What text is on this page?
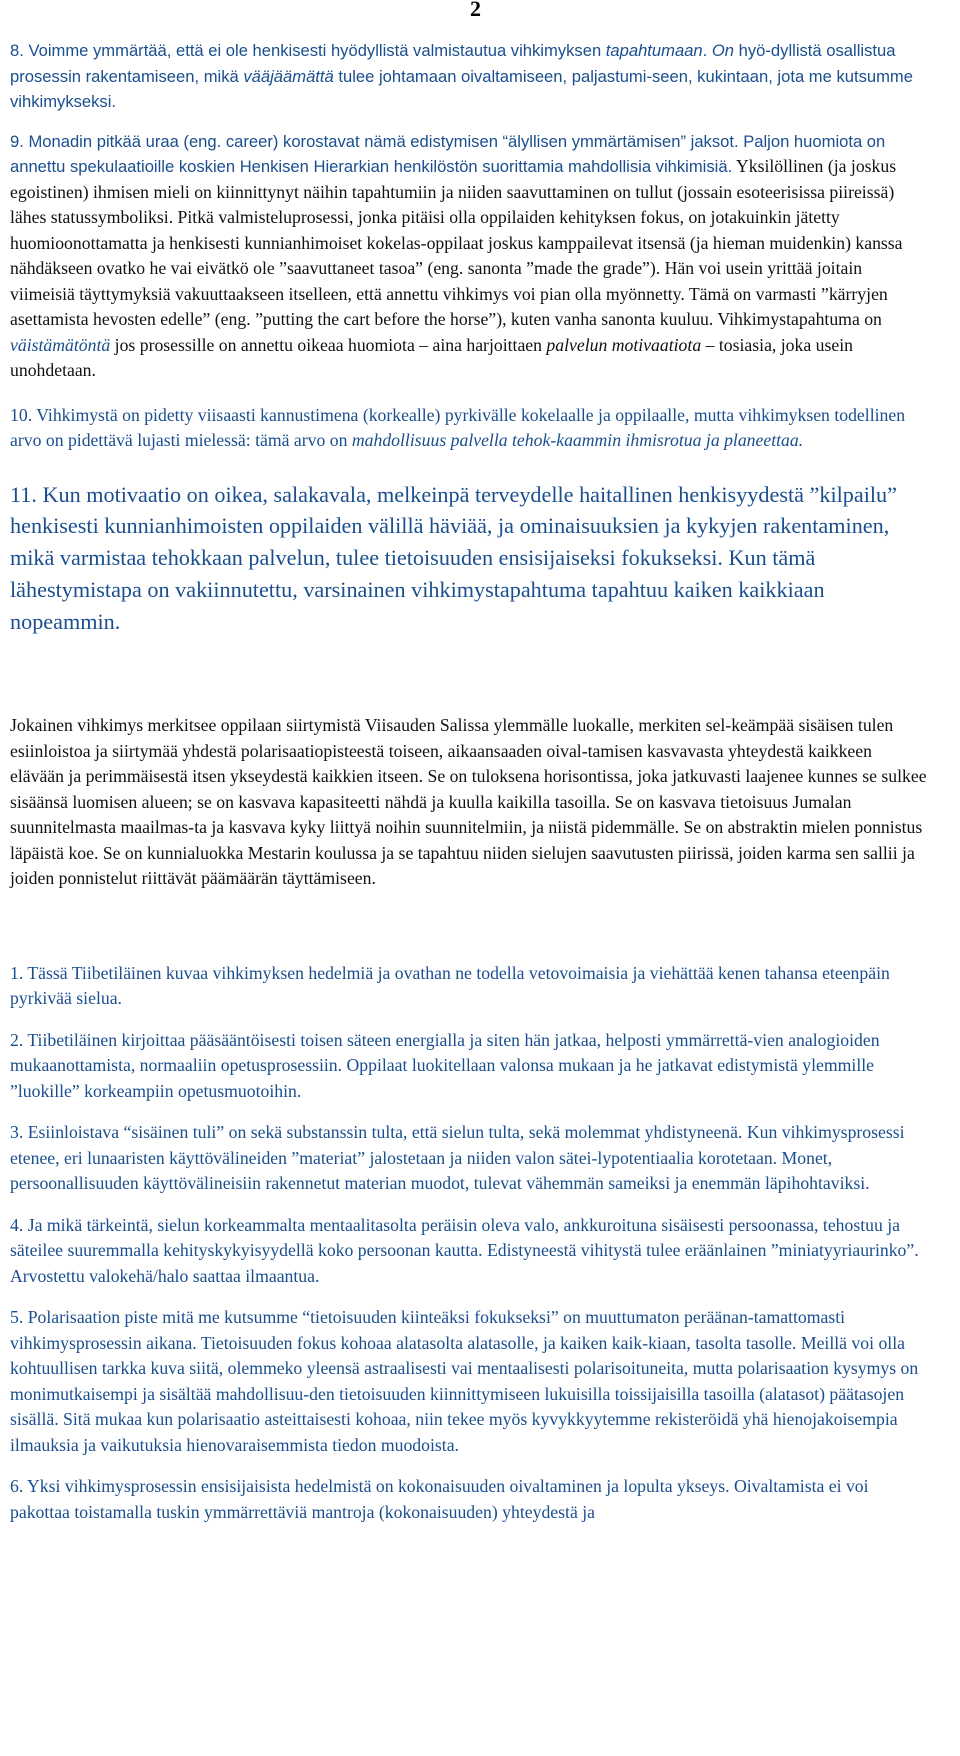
2

8. Voimme ymmärtää, että ei ole henkisesti hyödyllistä valmistautua vihkimyksen tapahtumaan. On hyö-dyllistä osallistua prosessin rakentamiseen, mikä vääjäämättä tulee johtamaan oivaltamiseen, paljastumi-seen, kukintaan, jota me kutsumme vihkimykseksi.

9. Monadin pitkää uraa (eng. career) korostavat nämä edistymisen “älyllisen ymmärtämisen” jaksot. Paljon huomiota on annettu spekulaatioille koskien Henkisen Hierarkian henkilöstön suorittamia mahdollisia vihkimisiä. Yksilöllinen (ja joskus egoistinen) ihmisen mieli on kiinnittynyt näihin tapahtumiin ja niiden saavuttaminen on tullut (jossain esoteerisissa piireissä) lähes statussymboliksi. Pitkä valmisteluprosessi, jonka pitäisi olla oppilaiden kehityksen fokus, on jotakuinkin jätetty huomioonottamatta ja henkisesti kunnianhimoiset kokelas-oppilaat joskus kamppailevat itsensä (ja hieman muidenkin) kanssa nähdäkseen ovatko he vai eivätkö ole ”saavuttaneet tasoa” (eng. sanonta ”made the grade”). Hän voi usein yrittää joitain viimeisiä täyttymyksiä vakuuttaakseen itselleen, että annettu vihkimys voi pian olla myönnetty. Tämä on varmasti ”kärryjen asettamista hevosten edelle” (eng. ”putting the cart before the horse”), kuten vanha sanonta kuuluu. Vihkimystapahtuma on väistämätöntä jos prosessille on annettu oikeaa huomiota – aina harjoittaen palvelun motivaatiota – tosiasia, joka usein unohdetaan.

10. Vihkimystä on pidetty viisaasti kannustimena (korkealle) pyrkivälle kokelaalle ja oppilaalle, mutta vihkimyksen todellinen arvo on pidettävä lujasti mielessä: tämä arvo on mahdollisuus palvella tehok-kaammin ihmisrotua ja planeettaa.

11. Kun motivaatio on oikea, salakavala, melkeinpä terveydelle haitallinen henkisyydestä ”kilpailu” henkisesti kunnianhimoisten oppilaiden välillä häviää, ja ominaisuuksien ja kykyjen rakentaminen, mikä varmistaa tehokkaan palvelun, tulee tietoisuuden ensisijaiseksi fokukseksi. Kun tämä lähestymistapa on vakiinnutettu, varsinainen vihkimystapahtuma tapahtuu kaiken kaikkiaan nopeammin.

Jokainen vihkimys merkitsee oppilaan siirtymistä Viisauden Salissa ylemmälle luokalle, merkiten sel-keämpää sisäisen tulen esiinloistoa ja siirtymää yhdestä polarisaatiopisteestä toiseen, aikaansaaden oival-tamisen kasvavasta yhteydestä kaikkeen elävään ja perimmäisestä itsen ykseydestä kaikkien itseen. Se on tuloksena horisontissa, joka jatkuvasti laajenee kunnes se sulkee sisäänsä luomisen alueen; se on kasvava kapasiteetti nähdä ja kuulla kaikilla tasoilla. Se on kasvava tietoisuus Jumalan suunnitelmasta maailmas-ta ja kasvava kyky liittyä noihin suunnitelmiin, ja niistä pidemmälle. Se on abstraktin mielen ponnistus läpäistä koe. Se on kunnialuokka Mestarin koulussa ja se tapahtuu niiden sielujen saavutusten piirissä, joiden karma sen sallii ja joiden ponnistelut riittävät päämäärän täyttämiseen.

1. Tässä Tiibetiläinen kuvaa vihkimyksen hedelmiä ja ovathan ne todella vetovoimaisia ja viehättää kenen tahansa eteenpäin pyrkivää sielua.

2. Tiibetiläinen kirjoittaa pääsääntöisesti toisen säteen energialla ja siten hän jatkaa, helposti ymmärrettä-vien analogioiden mukaanottamista, normaaliin opetusprosessiin. Oppilaat luokitellaan valonsa mukaan ja he jatkavat edistymistä ylemmille ”luokille” korkeampiin opetusmuotoihin.

3. Esiinloistava “sisäinen tuli” on sekä substanssin tulta, että sielun tulta, sekä molemmat yhdistyneenä. Kun vihkimysprosessi etenee, eri lunaaristen käyttövälineiden ”materiat” jalostetaan ja niiden valon sätei-lypotentiaalia korotetaan. Monet, persoonallisuuden käyttövälineisiin rakennetut materian muodot, tulevat vähemmän sameiksi ja enemmän läpihohtaviksi.

4. Ja mikä tärkeintä, sielun korkeammalta mentaalitasolta peräisin oleva valo, ankkuroituna sisäisesti persoonassa, tehostuu ja säteilee suuremmalla kehityskykyisyydellä koko persoonan kautta. Edistyneestä vihitystä tulee eräänlainen ”miniatyyriaurinko”. Arvostettu valokehä/halo saattaa ilmaantua.

5. Polarisaation piste mitä me kutsumme “tietoisuuden kiinteäksi fokukseksi” on muuttumaton peräänan-tamattomasti vihkimysprosessin aikana. Tietoisuuden fokus kohoaa alatasolta alatasolle, ja kaiken kaik-kiaan, tasolta tasolle. Meillä voi olla kohtuullisen tarkka kuva siitä, olemmeko yleensä astraalisesti vai mentaalisesti polarisoituneita, mutta polarisaation kysymys on monimutkaisempi ja sisältää mahdollisuu-den tietoisuuden kiinnittymiseen lukuisilla toissijaisilla tasoilla (alatasot) päätasojen sisällä. Sitä mukaa kun polarisaatio asteittaisesti kohoaa, niin tekee myös kyvykkyytemme rekisteröidä yhä hienojakoisempia ilmauksia ja vaikutuksia hienovaraisemmista tiedon muodoista.

6. Yksi vihkimysprosessin ensisijaisista hedelmistä on kokonaisuuden oivaltaminen ja lopulta ykseys. Oivaltamista ei voi pakottaa toistamalla tuskin ymmärrettäviä mantroja (kokonaisuuden) yhteydestä ja
